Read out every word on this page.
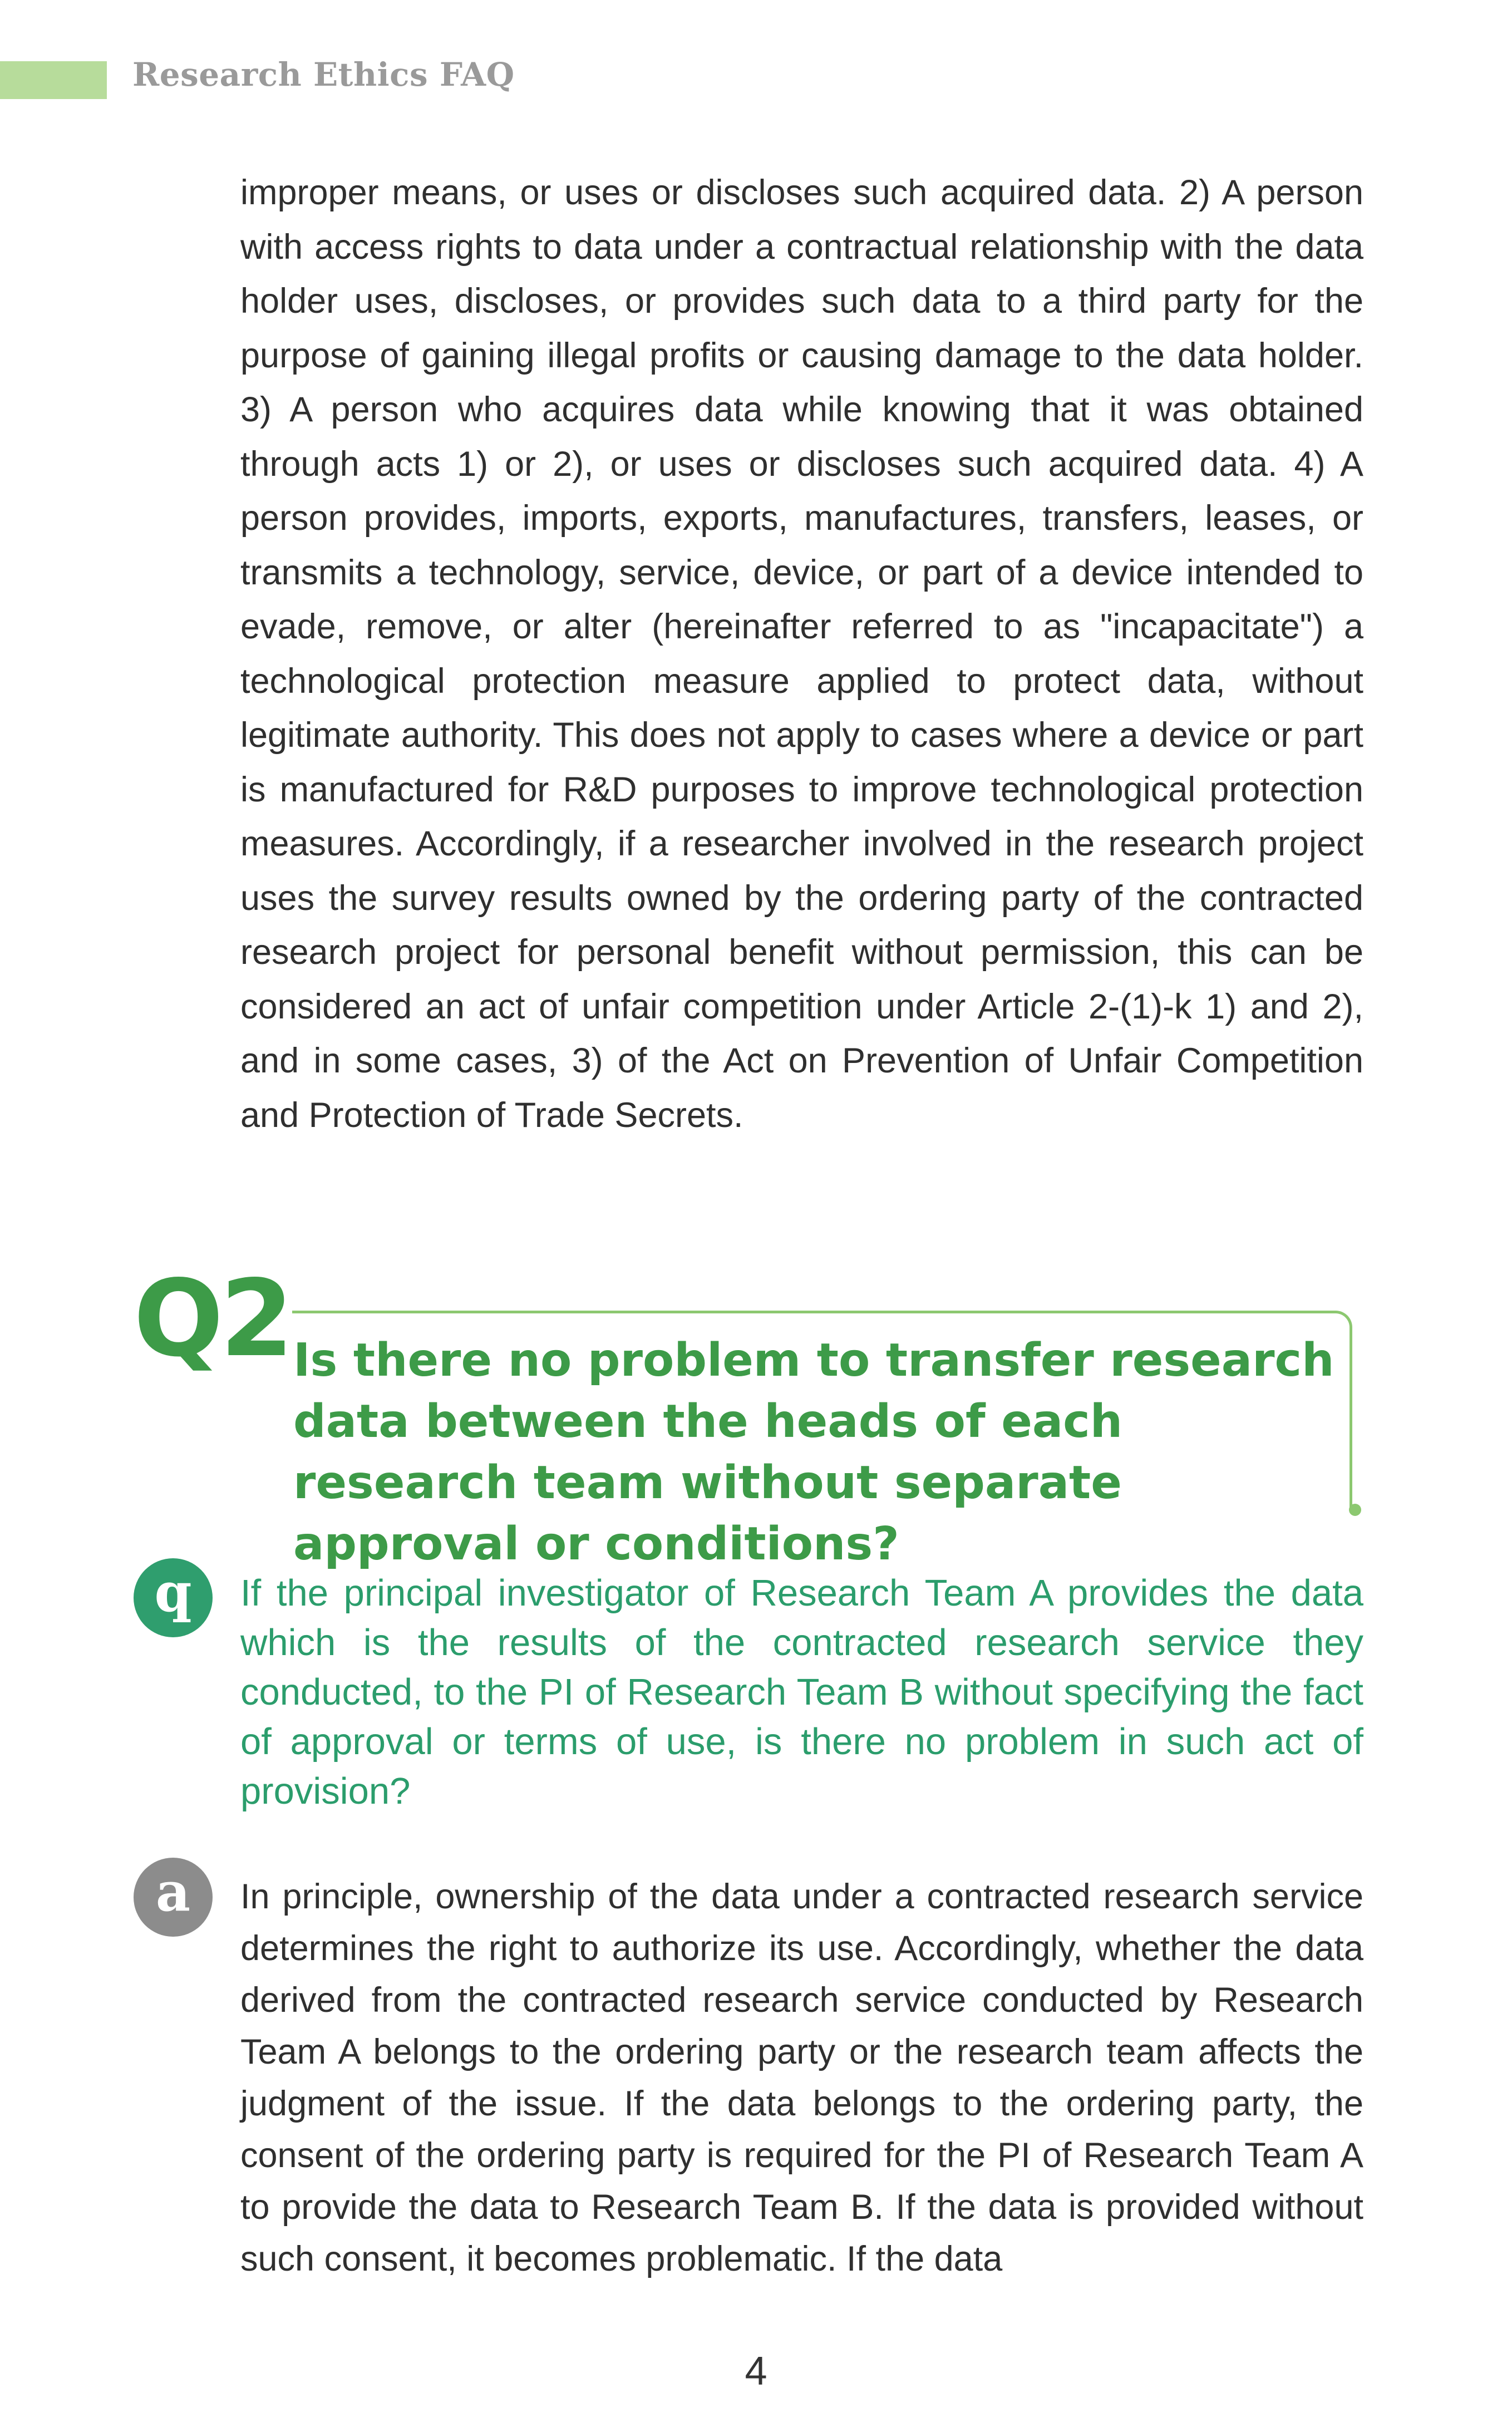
Research Ethics FAQ

improper means, or uses or discloses such acquired data. 2) A person with access rights to data under a contractual relationship with the data holder uses, discloses, or provides such data to a third party for the purpose of gaining illegal profits or causing damage to the data holder. 3) A person who acquires data while knowing that it was obtained through acts 1) or 2), or uses or discloses such acquired data. 4) A person provides, imports, exports, manufactures, transfers, leases, or transmits a technology, service, device, or part of a device intended to evade, remove, or alter (hereinafter referred to as "incapacitate") a technological protection measure applied to protect data, without legitimate authority. This does not apply to cases where a device or part is manufactured for R&D purposes to improve technological protection measures. Accordingly, if a researcher involved in the research project uses the survey results owned by the ordering party of the contracted research project for personal benefit without permission, this can be considered an act of unfair competition under Article 2-(1)-k 1) and 2), and in some cases, 3) of the Act on Prevention of Unfair Competition and Protection of Trade Secrets.

Q2 Is there no problem to transfer research data between the heads of each research team without separate approval or conditions?

q	If the principal investigator of Research Team A provides the data which is the results of the contracted research service they conducted, to the PI of Research Team B without specifying the fact of approval or terms of use, is there no problem in such act of provision?

a	In principle, ownership of the data under a contracted research service determines the right to authorize its use. Accordingly, whether the data derived from the contracted research service conducted by Research Team A belongs to the ordering party or the research team affects the judgment of the issue. If the data belongs to the ordering party, the consent of the ordering party is required for the PI of Research Team A to provide the data to Research Team B. If the data is provided without such consent, it becomes problematic. If the data

4
